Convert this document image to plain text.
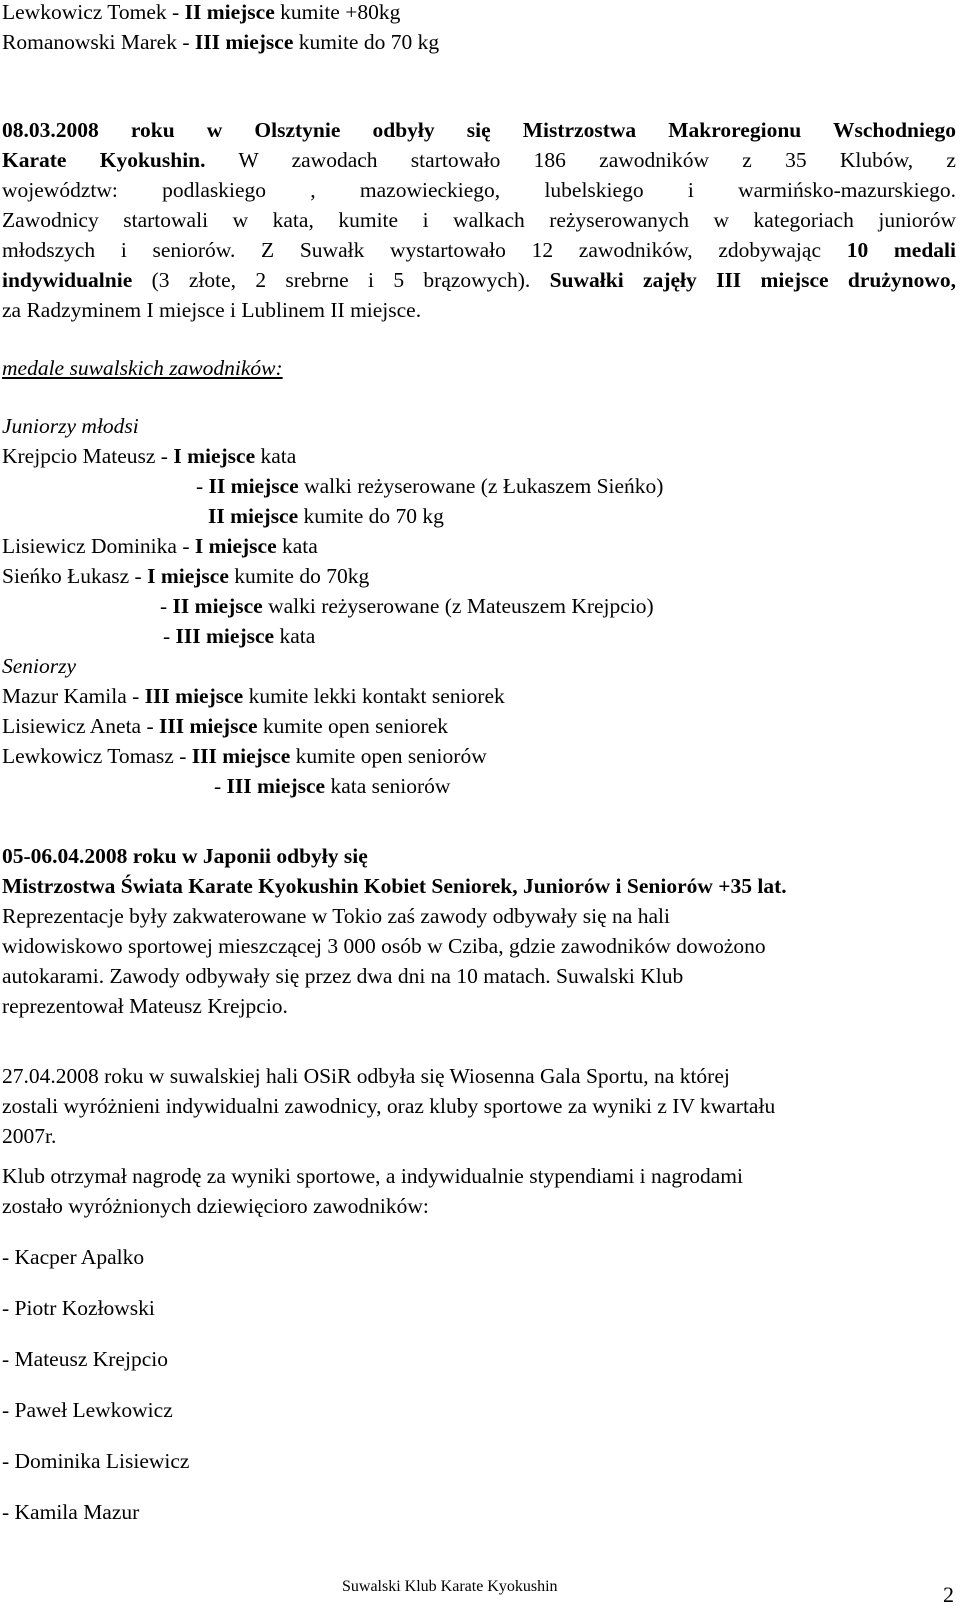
Lewkowicz Tomek - II miejsce kumite +80kg
Romanowski Marek - III miejsce kumite do 70 kg
08.03.2008 roku w Olsztynie odbyły się Mistrzostwa Makroregionu Wschodniego
Karate Kyokushin. W zawodach startowało 186 zawodników z 35 Klubów, z
województw: podlaskiego , mazowieckiego, lubelskiego i warmińsko-mazurskiego.
Zawodnicy startowali w kata, kumite i walkach reżyserowanych w kategoriach juniorów
młodszych i seniorów. Z Suwałk wystartowało 12 zawodników, zdobywając 10 medali
indywidualnie (3 złote, 2 srebrne i 5 brązowych). Suwałki zajęły III miejsce drużynowo,
za Radzyminem I miejsce i Lublinem II miejsce.
medale suwalskich zawodników:
Juniorzy młodsi
Krejpcio Mateusz - I miejsce kata
- II miejsce walki reżyserowane (z Łukaszem Sieńko)
II miejsce kumite do 70 kg
Lisiewicz Dominika - I miejsce kata
Sieńko Łukasz - I miejsce kumite do 70kg
- II miejsce walki reżyserowane (z Mateuszem Krejpcio)
- III miejsce kata
Seniorzy
Mazur Kamila - III miejsce kumite lekki kontakt seniorek
Lisiewicz Aneta - III miejsce kumite open seniorek
Lewkowicz Tomasz - III miejsce kumite open seniorów
- III miejsce kata seniorów
05-06.04.2008 roku w Japonii odbyły się
Mistrzostwa Świata Karate Kyokushin Kobiet Seniorek, Juniorów i Seniorów +35 lat.
Reprezentacje były zakwaterowane w Tokio zaś zawody odbywały się na hali
widowiskowo sportowej mieszczącej 3 000 osób w Cziba, gdzie zawodników dowożono
autokarami. Zawody odbywały się przez dwa dni na 10 matach. Suwalski Klub
reprezentował Mateusz Krejpcio.
27.04.2008 roku w suwalskiej hali OSiR odbyła się Wiosenna Gala Sportu, na której
zostali wyróżnieni indywidualni zawodnicy, oraz kluby sportowe za wyniki z IV kwartału
2007r.
Klub otrzymał nagrodę za wyniki sportowe, a indywidualnie stypendiami i nagrodami
zostało wyróżnionych dziewięcioro zawodników:
- Kacper Apalko
- Piotr Kozłowski
- Mateusz Krejpcio
- Paweł Lewkowicz
- Dominika Lisiewicz
- Kamila Mazur
Suwalski Klub Karate Kyokushin	2
